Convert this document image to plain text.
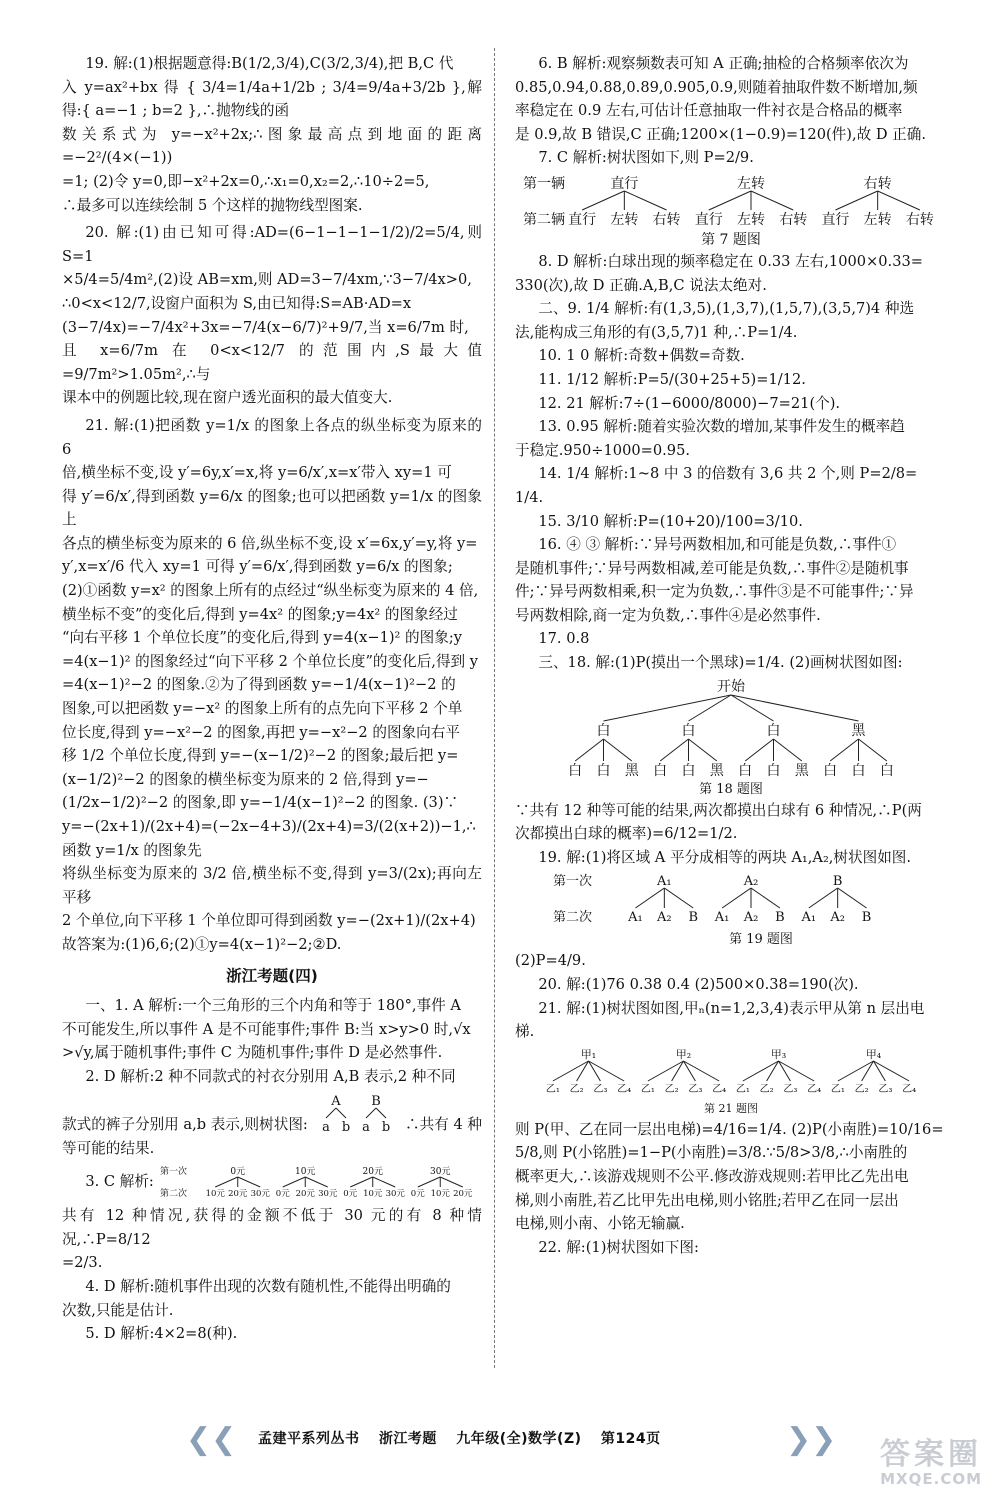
19. 解:(1)根据题意得:B(1/2,3/4),C(3/2,3/4),把 B,C 代

入 y=ax²+bx 得 { 3/4=1/4a+1/2b ; 3/4=9/4a+3/2b },解得:{ a=−1 ; b=2 },∴抛物线的函

数关系式为 y=−x²+2x;∴图象最高点到地面的距离=−2²/(4×(−1))

=1; (2)令 y=0,即−x²+2x=0,∴x₁=0,x₂=2,∴10÷2=5,

∴最多可以连续绘制 5 个这样的抛物线型图案.

20. 解:(1)由已知可得:AD=(6−1−1−1−1/2)/2=5/4,则 S=1

×5/4=5/4m²,(2)设 AB=xm,则 AD=3−7/4xm,∵3−7/4x>0,

∴0<x<12/7,设窗户面积为 S,由已知得:S=AB·AD=x

(3−7/4x)=−7/4x²+3x=−7/4(x−6/7)²+9/7,当 x=6/7m 时,

且 x=6/7m 在 0<x<12/7 的范围内,S最大值=9/7m²>1.05m²,∴与

课本中的例题比较,现在窗户透光面积的最大值变大.

21. 解:(1)把函数 y=1/x 的图象上各点的纵坐标变为原来的 6

倍,横坐标不变,设 y′=6y,x′=x,将 y=6/x′,x=x′带入 xy=1 可

得 y′=6/x′,得到函数 y=6/x 的图象;也可以把函数 y=1/x 的图象上

各点的横坐标变为原来的 6 倍,纵坐标不变,设 x′=6x,y′=y,将 y=

y′,x=x′/6 代入 xy=1 可得 y′=6/x′,得到函数 y=6/x 的图象;

(2)①函数 y=x² 的图象上所有的点经过“纵坐标变为原来的 4 倍,

横坐标不变”的变化后,得到 y=4x² 的图象;y=4x² 的图象经过

“向右平移 1 个单位长度”的变化后,得到 y=4(x−1)² 的图象;y

=4(x−1)² 的图象经过“向下平移 2 个单位长度”的变化后,得到 y

=4(x−1)²−2 的图象.②为了得到函数 y=−1/4(x−1)²−2 的

图象,可以把函数 y=−x² 的图象上所有的点先向下平移 2 个单

位长度,得到 y=−x²−2 的图象,再把 y=−x²−2 的图象向右平

移 1/2 个单位长度,得到 y=−(x−1/2)²−2 的图象;最后把 y=

(x−1/2)²−2 的图象的横坐标变为原来的 2 倍,得到 y=−

(1/2x−1/2)²−2 的图象,即 y=−1/4(x−1)²−2 的图象. (3)∵

y=−(2x+1)/(2x+4)=(−2x−4+3)/(2x+4)=3/(2(x+2))−1,∴函数 y=1/x 的图象先

将纵坐标变为原来的 3/2 倍,横坐标不变,得到 y=3/(2x);再向左平移

2 个单位,向下平移 1 个单位即可得到函数 y=−(2x+1)/(2x+4)

故答案为:(1)6,6;(2)①y=4(x−1)²−2;②D.

浙江考题(四)

一、1. A 解析:一个三角形的三个内角和等于 180°,事件 A

不可能发生,所以事件 A 是不可能事件;事件 B:当 x>y>0 时,√x

>√y,属于随机事件;事件 C 为随机事件;事件 D 是必然事件.

2. D 解析:2 种不同款式的衬衣分别用 A,B 表示,2 种不同

款式的裤子分别用 a,b 表示,则树状图:

A
a b
B
a b ∴共有 4 种

等可能的结果.

3. C 解析:

第一次
第二次
0元
10元 20元 30元
10元
0元 20元 30元
20元
0元 10元 30元
30元
0元 10元 20元

共有 12 种情况,获得的金额不低于 30 元的有 8 种情况,∴P=8/12

=2/3.

4. D 解析:随机事件出现的次数有随机性,不能得出明确的

次数,只能是估计.

5. D 解析:4×2=8(种).

6. B 解析:观察频数表可知 A 正确;抽检的合格频率依次为

0.85,0.94,0.88,0.89,0.905,0.9,则随着抽取件数不断增加,频

率稳定在 0.9 左右,可估计任意抽取一件衬衣是合格品的概率

是 0.9,故 B 错误,C 正确;1200×(1−0.9)=120(件),故 D 正确.

7. C 解析:树状图如下,则 P=2/9.

第一辆
第二辆
直行
直行 左转 右转
左转
直行 左转 右转
右转
直行 左转 右转
第 7 题图

8. D 解析:白球出现的频率稳定在 0.33 左右,1000×0.33=

330(次),故 D 正确.A,B,C 说法太绝对.

二、9. 1/4 解析:有(1,3,5),(1,3,7),(1,5,7),(3,5,7)4 种选

法,能构成三角形的有(3,5,7)1 种,∴P=1/4.

10. 1 0 解析:奇数+偶数=奇数.

11. 1/12 解析:P=5/(30+25+5)=1/12.

12. 21 解析:7÷(1−6000/8000)−7=21(个).

13. 0.95 解析:随着实验次数的增加,某事件发生的概率趋

于稳定.950÷1000=0.95.

14. 1/4 解析:1~8 中 3 的倍数有 3,6 共 2 个,则 P=2/8=

1/4.

15. 3/10 解析:P=(10+20)/100=3/10.

16. ④ ③ 解析:∵异号两数相加,和可能是负数,∴事件①

是随机事件;∵异号两数相减,差可能是负数,∴事件②是随机事

件;∵异号两数相乘,积一定为负数,∴事件③是不可能事件;∵异

号两数相除,商一定为负数,∴事件④是必然事件.

17. 0.8

三、18. 解:(1)P(摸出一个黑球)=1/4. (2)画树状图如图:

开始
白
白 白 黑
白
白 白 黑
白
白 白 黑
黑
白 白 白
第 18 题图

∵共有 12 种等可能的结果,两次都摸出白球有 6 种情况,∴P(两

次都摸出白球的概率)=6/12=1/2.

19. 解:(1)将区域 A 平分成相等的两块 A₁,A₂,树状图如图.

第一次
第二次
A₁
A₁ A₂ B
A₂
A₁ A₂ B
B
A₁ A₂ B
第 19 题图

(2)P=4/9.

20. 解:(1)76 0.38 0.4 (2)500×0.38=190(次).

21. 解:(1)树状图如图,甲ₙ(n=1,2,3,4)表示甲从第 n 层出电

梯.

甲₁
乙₁ 乙₂ 乙₃ 乙₄
甲₂
乙₁ 乙₂ 乙₃ 乙₄
甲₃
乙₁ 乙₂ 乙₃ 乙₄
甲₄
乙₁ 乙₂ 乙₃ 乙₄
第 21 题图

则 P(甲、乙在同一层出电梯)=4/16=1/4. (2)P(小南胜)=10/16=

5/8,则 P(小铭胜)=1−P(小南胜)=3/8.∵5/8>3/8,∴小南胜的

概率更大,∴该游戏规则不公平.修改游戏规则:若甲比乙先出电

梯,则小南胜,若乙比甲先出电梯,则小铭胜;若甲乙在同一层出

电梯,则小南、小铭无输赢.

22. 解:(1)树状图如下图:

❮❮ 孟建平系列丛书 浙江考题 九年级(全)数学(Z) 第124页	❯❯	答案圈
MXQE.COM
